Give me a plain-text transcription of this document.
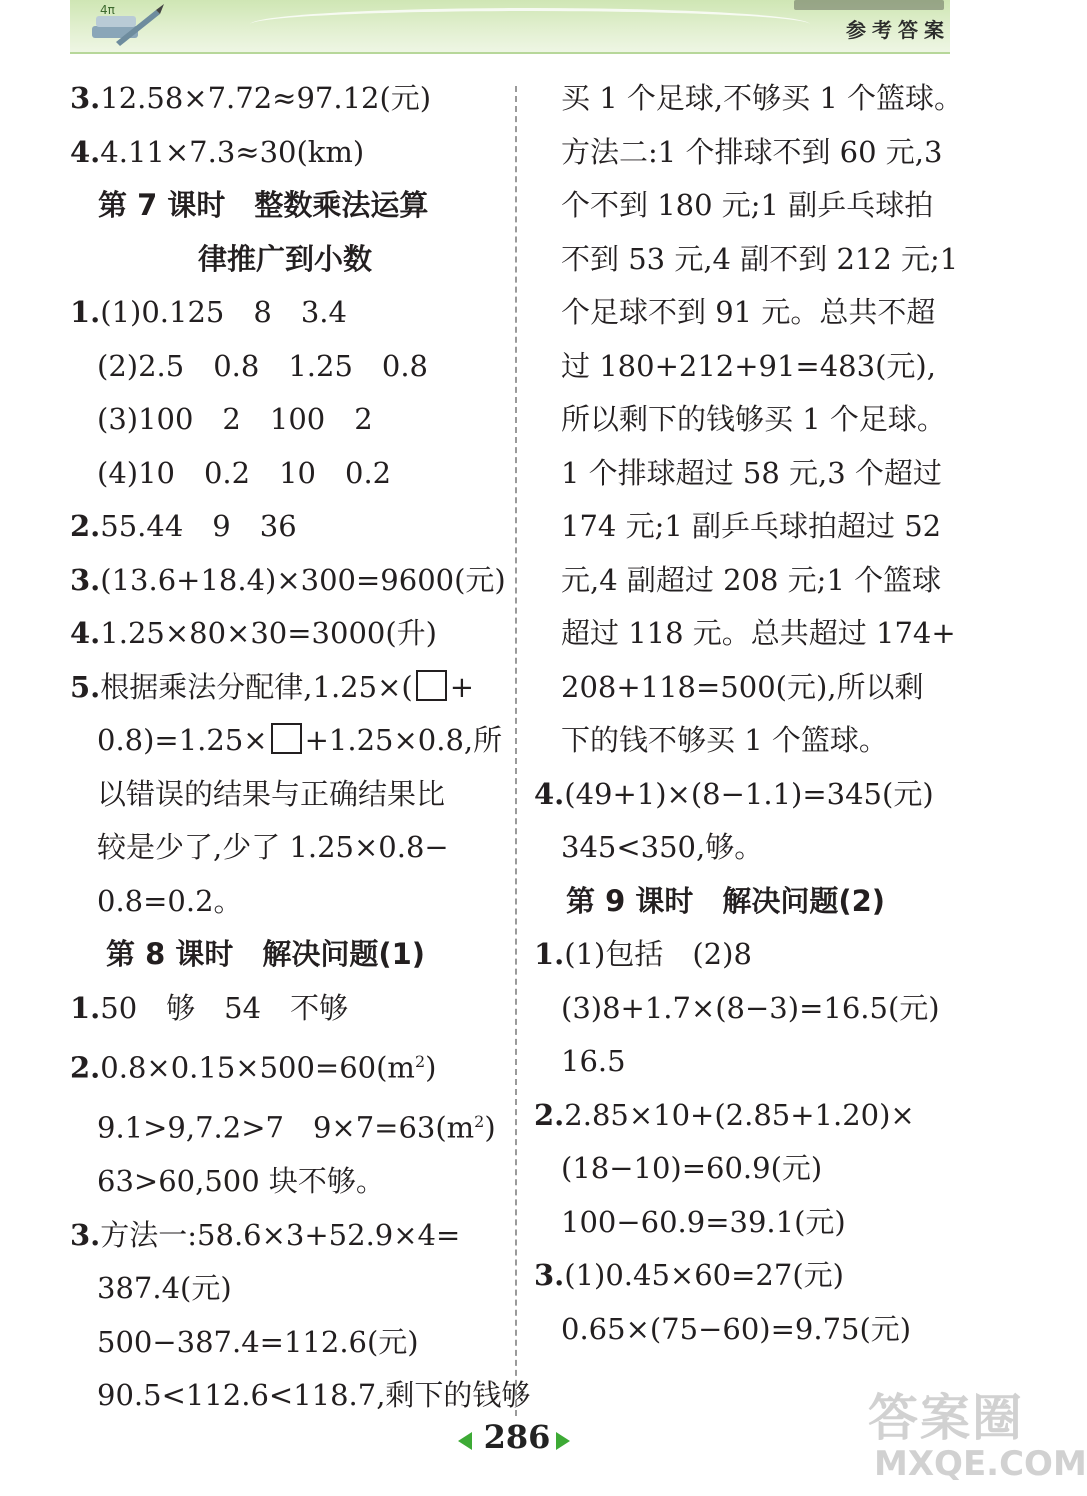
4π
参考答案
3.12.58×7.72≈97.12(元)
4.4.11×7.3≈30(km)
第 7 课时　整数乘法运算
律推广到小数
1.(1)0.125　8　3.4
(2)2.5　0.8　1.25　0.8
(3)100　2　100　2
(4)10　0.2　10　0.2
2.55.44　9　36
3.(13.6+18.4)×300=9600(元)
4.1.25×80×30=3000(升)
5.根据乘法分配律,1.25×( +
0.8)=1.25× +1.25×0.8,所
以错误的结果与正确结果比
较是少了,少了 1.25×0.8−
0.8=0.2。
第 8 课时　解决问题(1)
1.50　够　54　不够
$2.0.8\times 0.15\times 500=60(m^2)$
9.1>9,7.2>7　$9\times 7=63(m^2)$
63>60,500 块不够。
3.方法一:58.6×3+52.9×4=
387.4(元)
500−387.4=112.6(元)
90.5<112.6<118.7,剩下的钱够
买 1 个足球,不够买 1 个篮球。
方法二:1 个排球不到 60 元,3
个不到 180 元;1 副乒乓球拍
不到 53 元,4 副不到 212 元;1
个足球不到 91 元。总共不超
过 180+212+91=483(元),
所以剩下的钱够买 1 个足球。
1 个排球超过 58 元,3 个超过
174 元;1 副乒乓球拍超过 52
元,4 副超过 208 元;1 个篮球
超过 118 元。总共超过 174+
208+118=500(元),所以剩
下的钱不够买 1 个篮球。
4.(49+1)×(8−1.1)=345(元)
345<350,够。
第 9 课时　解决问题(2)
1.(1)包括　(2)8
(3)8+1.7×(8−3)=16.5(元)
16.5
2.2.85×10+(2.85+1.20)×
(18−10)=60.9(元)
100−60.9=39.1(元)
3.(1)0.45×60=27(元)
0.65×(75−60)=9.75(元)
286	答案圈
MXQE.COM
